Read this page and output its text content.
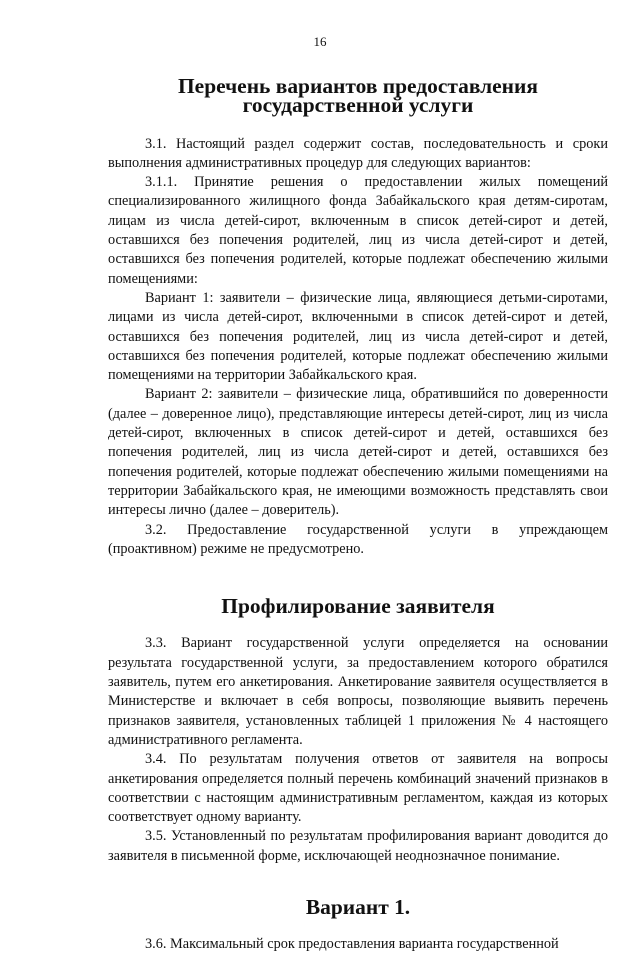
16
Перечень вариантов предоставления государственной услуги

3.1. Настоящий раздел содержит состав, последовательность и сроки выполнения административных процедур для следующих вариантов:

3.1.1. Принятие решения о предоставлении жилых помещений специализированного жилищного фонда Забайкальского края детям-сиротам, лицам из числа детей-сирот, включенным в список детей-сирот и детей, оставшихся без попечения родителей, лиц из числа детей-сирот и детей, оставшихся без попечения родителей, которые подлежат обеспечению жилыми помещениями:

Вариант 1: заявители – физические лица, являющиеся детьми-сиротами, лицами из числа детей-сирот, включенными в список детей-сирот и детей, оставшихся без попечения родителей, лиц из числа детей-сирот и детей, оставшихся без попечения родителей, которые подлежат обеспечению жилыми помещениями на территории Забайкальского края.

Вариант 2: заявители – физические лица, обратившийся по доверенности (далее – доверенное лицо), представляющие интересы детей-сирот, лиц из числа детей-сирот, включенных в список детей-сирот и детей, оставшихся без попечения родителей, лиц из числа детей-сирот и детей, оставшихся без попечения родителей, которые подлежат обеспечению жилыми помещениями на территории Забайкальского края, не имеющими возможность представлять свои интересы лично (далее – доверитель).

3.2. Предоставление государственной услуги в упреждающем (проактивном) режиме не предусмотрено.

Профилирование заявителя

3.3. Вариант государственной услуги определяется на основании результата государственной услуги, за предоставлением которого обратился заявитель, путем его анкетирования. Анкетирование заявителя осуществляется в Министерстве и включает в себя вопросы, позволяющие выявить перечень признаков заявителя, установленных таблицей 1 приложения № 4 настоящего административного регламента.

3.4. По результатам получения ответов от заявителя на вопросы анкетирования определяется полный перечень комбинаций значений признаков в соответствии с настоящим административным регламентом, каждая из которых соответствует одному варианту.

3.5. Установленный по результатам профилирования вариант доводится до заявителя в письменной форме, исключающей неоднозначное понимание.

Вариант 1.

3.6. Максимальный срок предоставления варианта государственной
